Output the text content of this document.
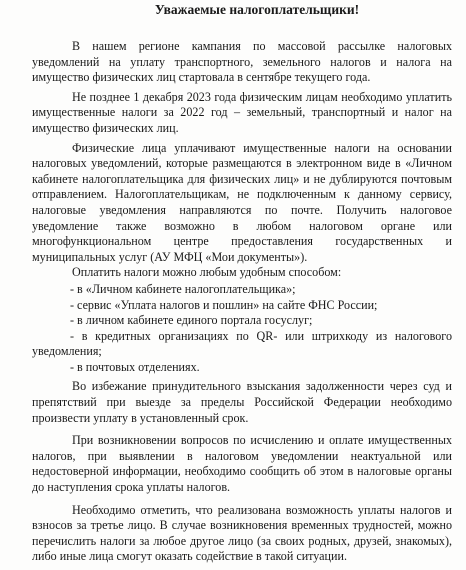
Уважаемые налогоплательщики!

В нашем регионе кампания по массовой рассылке налоговых уведомлений на уплату транспортного, земельного налогов и налога на имущество физических лиц стартовала в сентябре текущего года.

Не позднее 1 декабря 2023 года физическим лицам необходимо уплатить имущественные налоги за 2022 год – земельный, транспортный и налог на имущество физических лиц.

Физические лица уплачивают имущественные налоги на основании налоговых уведомлений, которые размещаются в электронном виде в «Личном кабинете налогоплательщика для физических лиц» и не дублируются почтовым отправлением. Налогоплательщикам, не подключенным к данному сервису, налоговые уведомления направляются по почте. Получить налоговое уведомление также возможно в любом налоговом органе или многофункциональном центре предоставления государственных и муниципальных услуг (АУ МФЦ «Мои документы»).

Оплатить налоги можно любым удобным способом:

- в «Личном кабинете налогоплательщика»;

- сервис «Уплата налогов и пошлин» на сайте ФНС России;

- в личном кабинете единого портала госуслуг;

- в кредитных организациях по QR- или штрихкоду из налогового уведомления;

- в почтовых отделениях.

Во избежание принудительного взыскания задолженности через суд и препятствий при выезде за пределы Российской Федерации необходимо произвести уплату в установленный срок.

При возникновении вопросов по исчислению и оплате имущественных налогов, при выявлении в налоговом уведомлении неактуальной или недостоверной информации, необходимо сообщить об этом в налоговые органы до наступления срока уплаты налогов.

Необходимо отметить, что реализована возможность уплаты налогов и взносов за третье лицо. В случае возникновения временных трудностей, можно перечислить налоги за любое другое лицо (за своих родных, друзей, знакомых), либо иные лица смогут оказать содействие в такой ситуации.
